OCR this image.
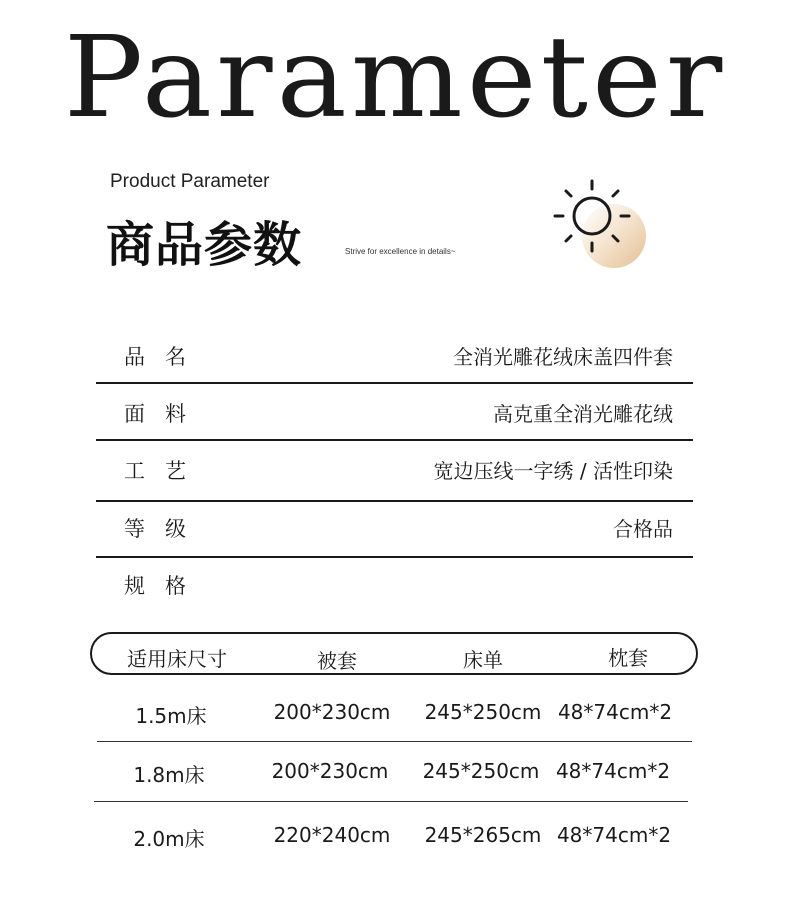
Parameter
Product Parameter
商品参数	Strive for excellence in details~
品名	全消光雕花绒床盖四件套
面料	高克重全消光雕花绒
工艺	宽边压线一字绣 / 活性印染
等级	合格品
规格
适用床尺寸	被套	床单	枕套
1.5m床	200*230cm	245*250cm 48*74cm*2
1.8m床	200*230cm	245*250cm 48*74cm*2
2.0m床	220*240cm	245*265cm 48*74cm*2
